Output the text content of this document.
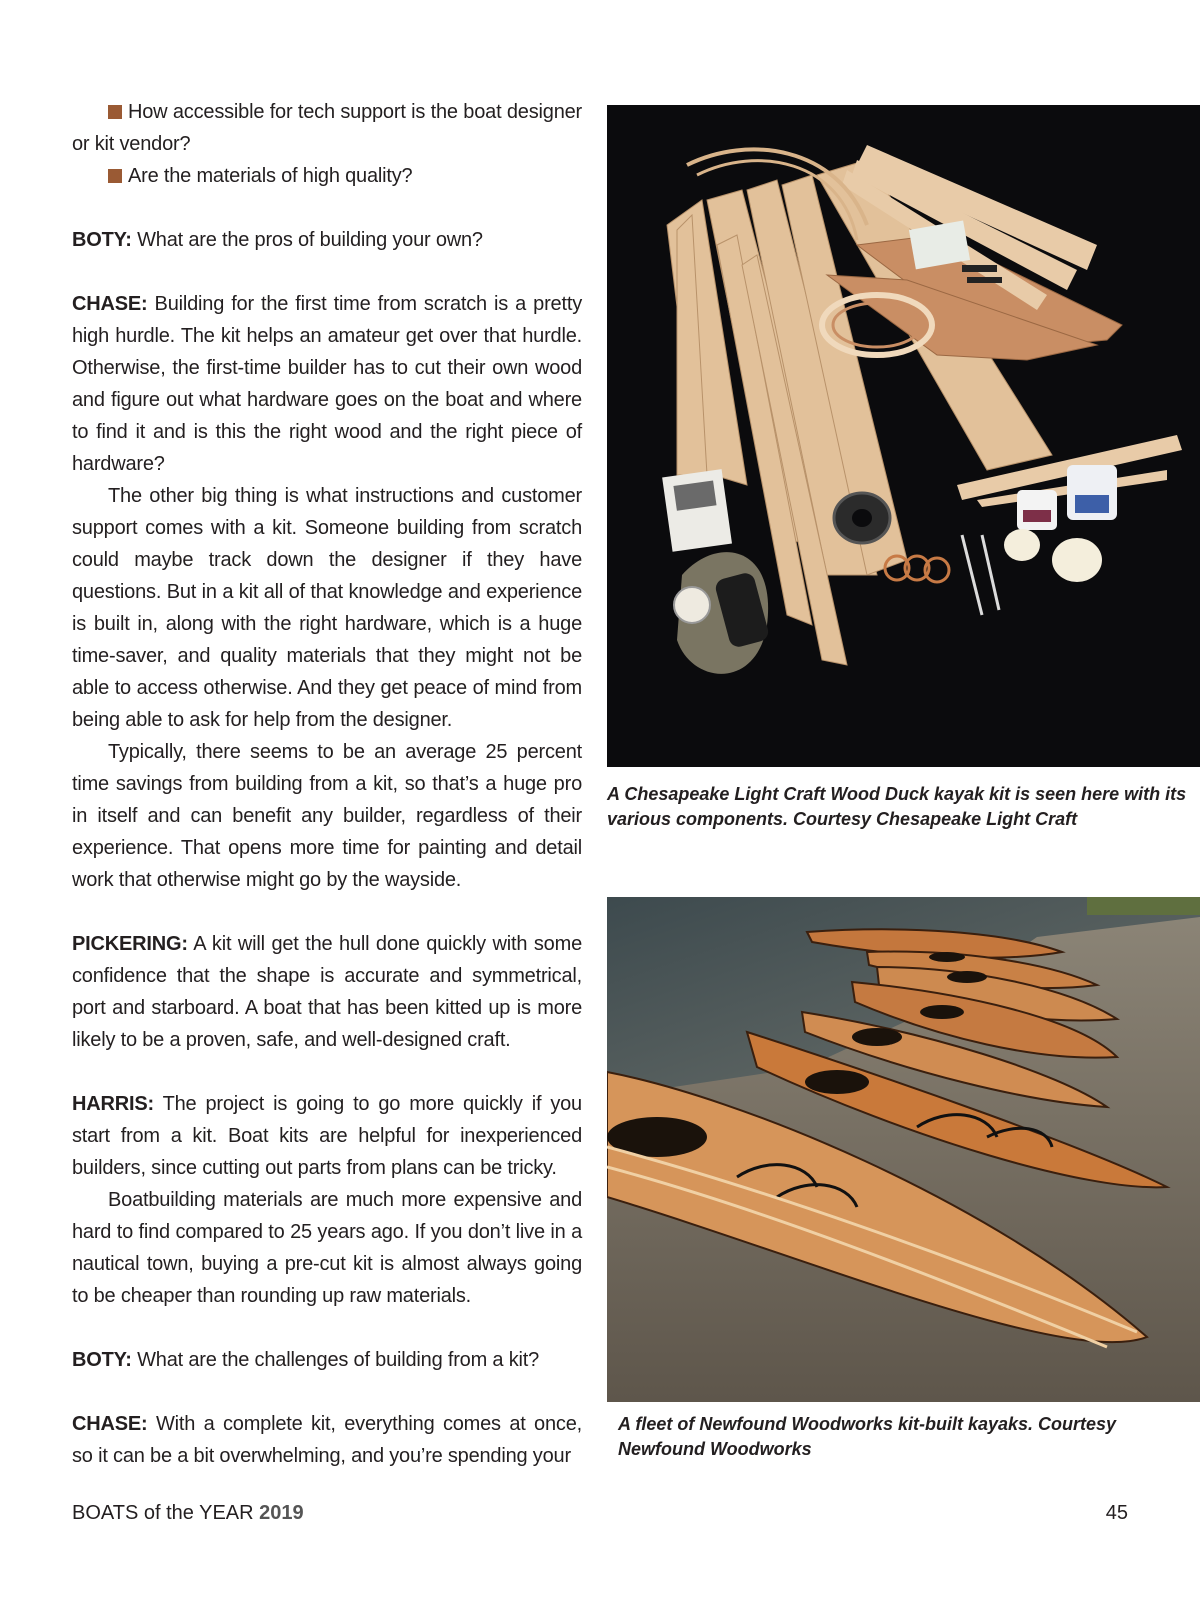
How accessible for tech support is the boat designer or kit vendor?

Are the materials of high quality?

BOTY: What are the pros of building your own?

CHASE: Building for the first time from scratch is a pretty high hurdle. The kit helps an amateur get over that hurdle. Otherwise, the first-time builder has to cut their own wood and figure out what hardware goes on the boat and where to find it and is this the right wood and the right piece of hardware?

The other big thing is what instructions and customer support comes with a kit. Someone building from scratch could maybe track down the designer if they have questions. But in a kit all of that knowledge and experience is built in, along with the right hardware, which is a huge time-saver, and quality materials that they might not be able to access otherwise. And they get peace of mind from being able to ask for help from the designer.

Typically, there seems to be an average 25 percent time savings from building from a kit, so that’s a huge pro in itself and can benefit any builder, regardless of their experience. That opens more time for painting and detail work that otherwise might go by the wayside.

PICKERING: A kit will get the hull done quickly with some confidence that the shape is accurate and symmetrical, port and starboard. A boat that has been kitted up is more likely to be a proven, safe, and well-designed craft.

HARRIS: The project is going to go more quickly if you start from a kit. Boat kits are helpful for inexperienced builders, since cutting out parts from plans can be tricky.

Boatbuilding materials are much more expensive and hard to find compared to 25 years ago. If you don’t live in a nautical town, buying a pre-cut kit is almost always going to be cheaper than rounding up raw materials.

BOTY: What are the challenges of building from a kit?

CHASE: With a complete kit, everything comes at once, so it can be a bit overwhelming, and you’re spending your

A Chesapeake Light Craft Wood Duck kayak kit is seen here with its various components. Courtesy Chesapeake Light Craft
A fleet of Newfound Woodworks kit-built kayaks. Courtesy Newfound Woodworks
BOATS of the YEAR 2019	45
